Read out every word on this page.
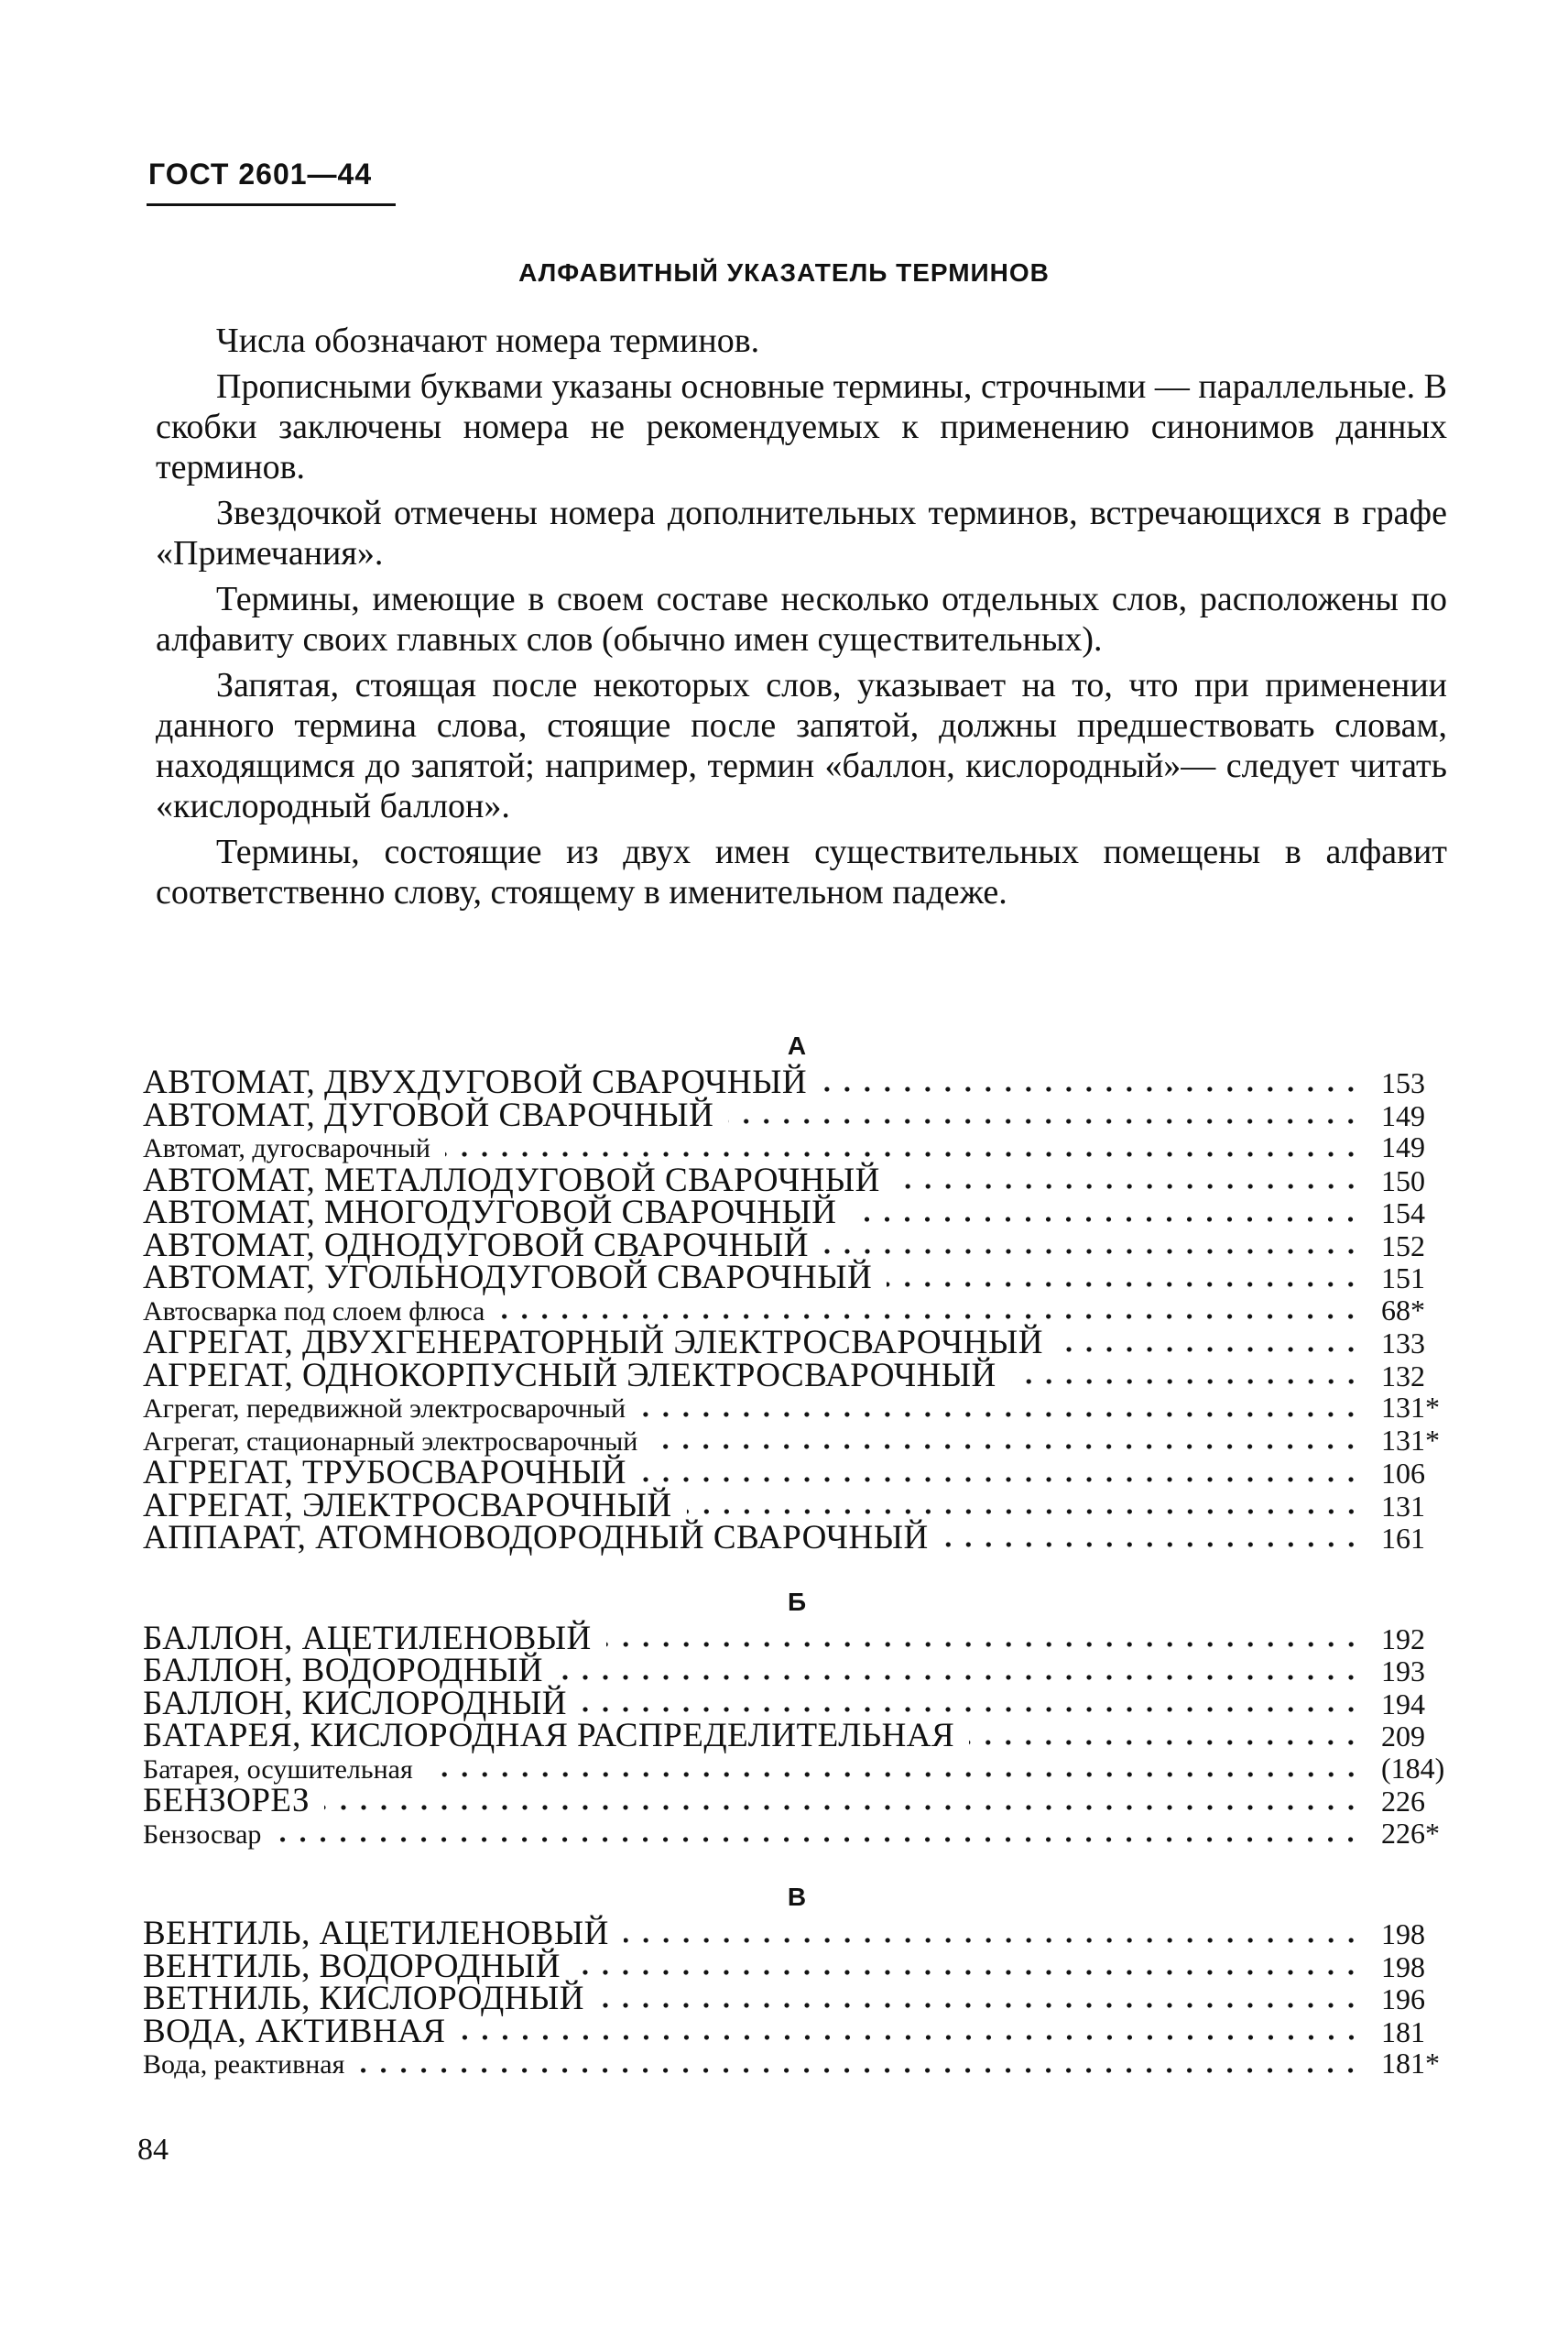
ГОСТ 2601—44
АЛФАВИТНЫЙ УКАЗАТЕЛЬ ТЕРМИНОВ

Числа обозначают номера терминов.

Прописными буквами указаны основные термины, строчными — параллельные. В скобки заключены номера не рекомендуемых к применению синонимов данных терминов.

Звездочкой отмечены номера дополнительных терминов, встречающихся в графе «Примечания».

Термины, имеющие в своем составе несколько отдельных слов, расположены по алфавиту своих главных слов (обычно имен существительных).

Запятая, стоящая после некоторых слов, указывает на то, что при применении данного термина слова, стоящие после запятой, должны предшествовать словам, находящимся до запятой; например, термин «баллон, кислородный»— следует читать «кислородный баллон».

Термины, состоящие из двух имен существительных помещены в алфавит соответственно слову, стоящему в именительном падеже.

А
АВТОМАТ, ДВУХДУГОВОЙ СВАРОЧНЫЙ	153
АВТОМАТ, ДУГОВОЙ СВАРОЧНЫЙ	149
Автомат, дугосварочный	149
АВТОМАТ, МЕТАЛЛОДУГОВОЙ СВАРОЧНЫЙ	150
АВТОМАТ, МНОГОДУГОВОЙ СВАРОЧНЫЙ	154
АВТОМАТ, ОДНОДУГОВОЙ СВАРОЧНЫЙ	152
АВТОМАТ, УГОЛЬНОДУГОВОЙ СВАРОЧНЫЙ	151
Автосварка под слоем флюса	68*
АГРЕГАТ, ДВУХГЕНЕРАТОРНЫЙ ЭЛЕКТРОСВАРОЧНЫЙ	133
АГРЕГАТ, ОДНОКОРПУСНЫЙ ЭЛЕКТРОСВАРОЧНЫЙ	132
Агрегат, передвижной электросварочный	131*
Агрегат, стационарный электросварочный	131*
АГРЕГАТ, ТРУБОСВАРОЧНЫЙ	106
АГРЕГАТ, ЭЛЕКТРОСВАРОЧНЫЙ	131
АППАРАТ, АТОМНОВОДОРОДНЫЙ СВАРОЧНЫЙ	161
Б
БАЛЛОН, АЦЕТИЛЕНОВЫЙ	192
БАЛЛОН, ВОДОРОДНЫЙ	193
БАЛЛОН, КИСЛОРОДНЫЙ	194
БАТАРЕЯ, КИСЛОРОДНАЯ РАСПРЕДЕЛИТЕЛЬНАЯ	209
Батарея, осушительная	(184)
БЕНЗОРЕЗ	226
Бензосвар	226*
В
ВЕНТИЛЬ, АЦЕТИЛЕНОВЫЙ	198
ВЕНТИЛЬ, ВОДОРОДНЫЙ	198
ВЕТНИЛЬ, КИСЛОРОДНЫЙ	196
ВОДА, АКТИВНАЯ	181
Вода, реактивная	181*
84
